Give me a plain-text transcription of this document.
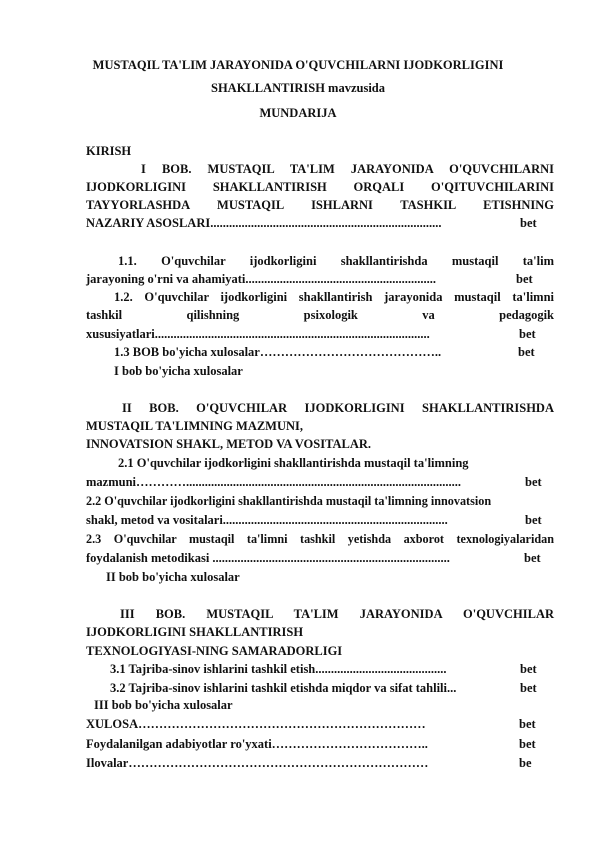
MUSTAQIL TA'LIM JARAYONIDA O'QUVCHILARNI IJODKORLIGINI
SHAKLLANTIRISH mavzusida
MUNDARIJA
KIRISH
I BOB. MUSTAQIL TA'LIM JARAYONIDA O'QUVCHILARNI
IJODKORLIGINI SHAKLLANTIRISH ORQALI O'QITUVCHILARINI
TAYYORLASHDA MUSTAQIL ISHLARNI TASHKIL ETISHNING
NAZARIY ASOSLARI..........................................................................	bet
1.1. O'quvchilar ijodkorligini shakllantirishda mustaqil ta'lim
jarayoning o'rni va ahamiyati.............................................................	bet
1.2. O'quvchilar ijodkorligini shakllantirish jarayonida mustaqil ta'limni
tashkil qilishning psixologik va pedagogik
xususiyatlari........................................................................................	bet
1.3 BOB bo'yicha xulosalar……………………………………..	bet
I bob bo'yicha xulosalar
II BOB. O'QUVCHILAR IJODKORLIGINI SHAKLLANTIRISHDA
MUSTAQIL TA'LIMNING MAZMUNI,
INNOVATSION SHAKL, METOD VA VOSITALAR.
2.1 O'quvchilar ijodkorligini shakllantirishda mustaqil ta'limning
mazmuni…………........................................................................................	bet
2.2 O'quvchilar ijodkorligini shakllantirishda mustaqil ta'limning innovatsion
shakl, metod va vositalari........................................................................	bet
2.3 O'quvchilar mustaqil ta'limni tashkil yetishda axborot texnologiyalaridan
foydalanish metodikasi ............................................................................	bet
II bob bo'yicha xulosalar
III BOB. MUSTAQIL TA'LIM JARAYONIDA O'QUVCHILAR
IJODKORLIGINI SHAKLLANTIRISH
TEXNOLOGIYASI-NING SAMARADORLIGI
3.1 Tajriba-sinov ishlarini tashkil etish..........................................	bet
3.2 Tajriba-sinov ishlarini tashkil etishda miqdor va sifat tahlili...	bet
III bob bo'yicha xulosalar
XULOSA……………………………………………………………	bet
Foydalanilgan adabiyotlar ro'yxati………………………………..	bet
Ilovalar………………………………………………………………	be
